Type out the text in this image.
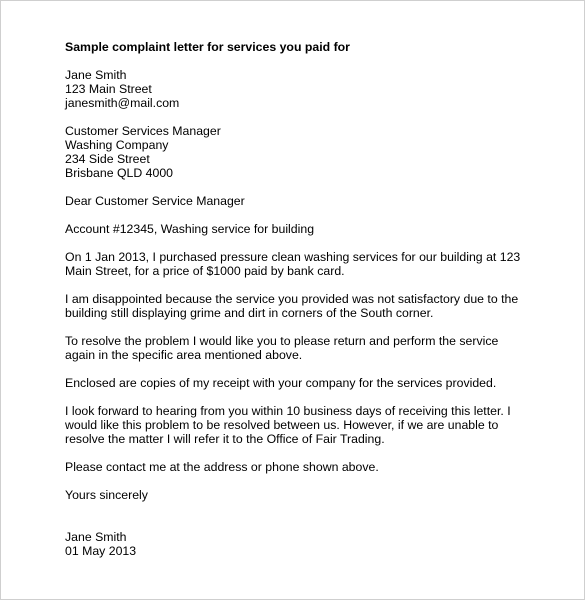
Sample complaint letter for services you paid for
Jane Smith
123 Main Street
janesmith@mail.com
Customer Services Manager
Washing Company
234 Side Street
Brisbane QLD 4000

Dear Customer Service Manager

Account #12345, Washing service for building

On 1 Jan 2013, I purchased pressure clean washing services for our building at 123 Main Street, for a price of $1000 paid by bank card.

I am disappointed because the service you provided was not satisfactory due to the building still displaying grime and dirt in corners of the South corner.

To resolve the problem I would like you to please return and perform the service again in the specific area mentioned above.

Enclosed are copies of my receipt with your company for the services provided.

I look forward to hearing from you within 10 business days of receiving this letter. I would like this problem to be resolved between us. However, if we are unable to resolve the matter I will refer it to the Office of Fair Trading.

Please contact me at the address or phone shown above.

Yours sincerely

Jane Smith
01 May 2013
